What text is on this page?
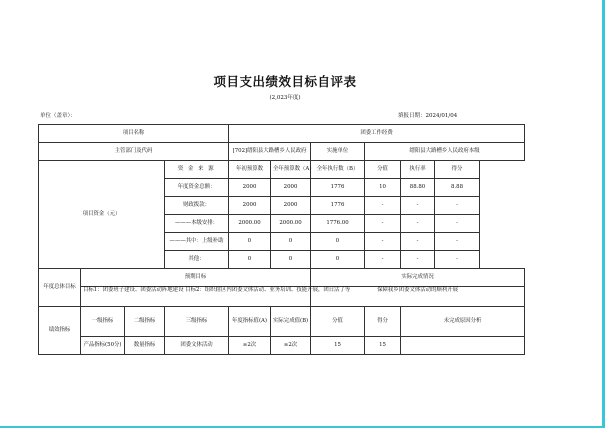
项目支出绩效目标自评表
(2,023年度)
单位（盖章）：	填报日期：2024/01/04
项目名称				团委工作经费					
主管部门及代码				[702]缙阳县大路槽乡人民政府		实施单位	缙阳县大路槽乡人民政府本级		
项目资金（元）			资 金 来 源	年初预算数	全年预算数（A）	全年执行数（B）	分值	执行率	得分
			年度资金总额：	2000	2000	1776	10	88.80	8.88
			财政拨款：	2000	2000	1776	-	-	-
			———本级安排：	2000.00	2000.00	1776.00	-	-	-
			———其中：上级补助	0	0	0	-	-	-
			其他：	0	0	0	-	-	-
年度总体目标	预期目标					实际完成情况			
	目标1：团委班子建设、团委活动阵地建设 目标2：组织辖区内团委文体活动、业务培训、技能开展，团日活了等					保障我乡团委文体活动的顺利开展			
绩效指标	一级指标	二级指标	三级指标	年度指标值(A)	实际完成值(B)	分值	得分	未完成原因分析	
	产品指标(50分)	数量指标	团委文体活动	≥2次	≥2次	15	15		
